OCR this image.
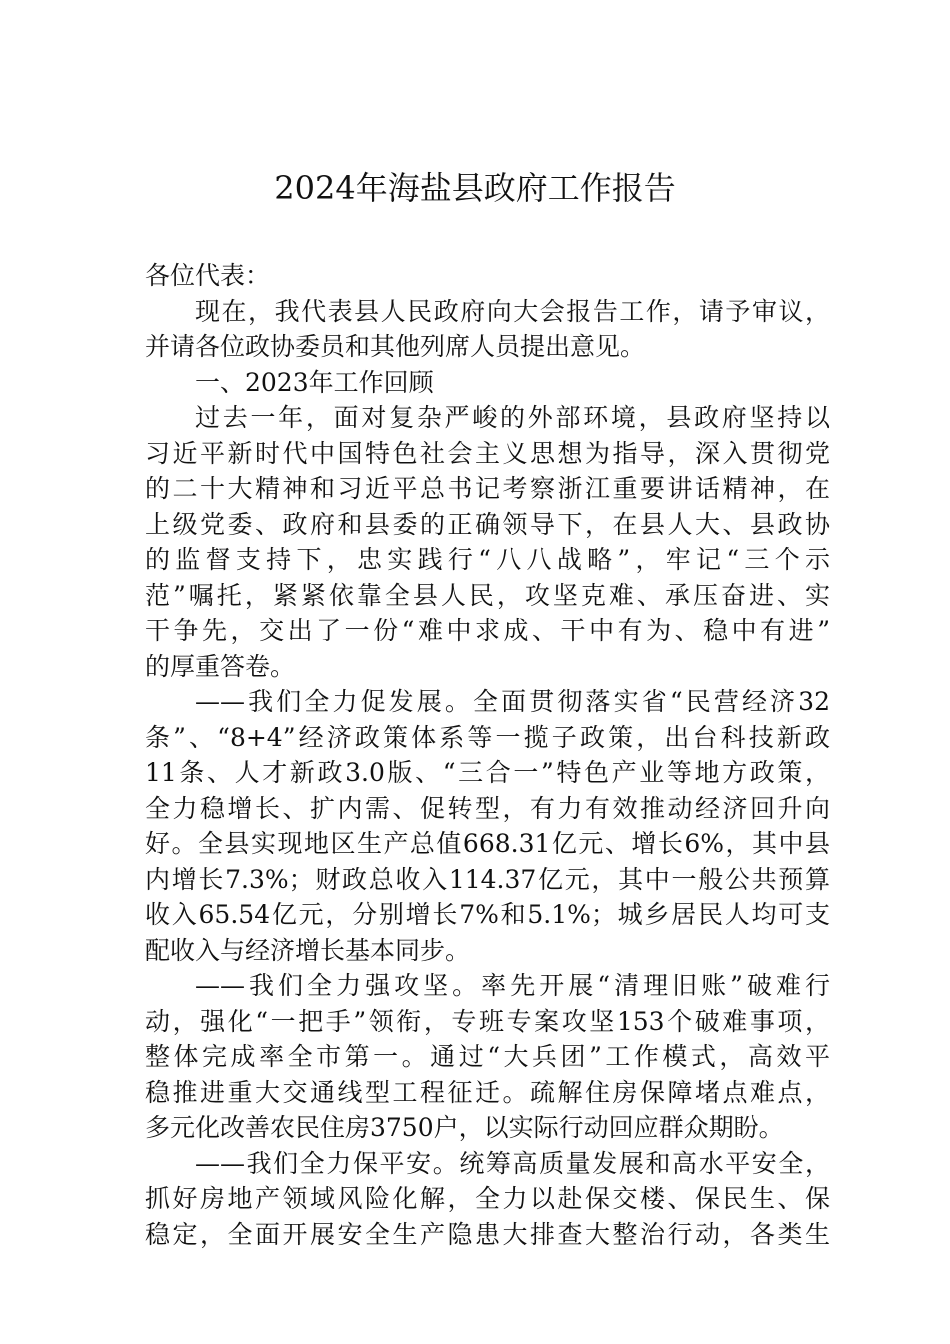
2024年海盐县政府工作报告
各位代表：
现在，我代表县人民政府向大会报告工作，请予审议，
并请各位政协委员和其他列席人员提出意见。
一、2023年工作回顾
过去一年，面对复杂严峻的外部环境，县政府坚持以
习近平新时代中国特色社会主义思想为指导，深入贯彻党
的二十大精神和习近平总书记考察浙江重要讲话精神，在
上级党委、政府和县委的正确领导下，在县人大、县政协
的监督支持下，忠实践行“八八战略”，牢记“三个示
范”嘱托，紧紧依靠全县人民，攻坚克难、承压奋进、实
干争先，交出了一份“难中求成、干中有为、稳中有进”
的厚重答卷。
——我们全力促发展。全面贯彻落实省“民营经济32
条”、“8+4”经济政策体系等一揽子政策，出台科技新政
11条、人才新政3.0版、“三合一”特色产业等地方政策，
全力稳增长、扩内需、促转型，有力有效推动经济回升向
好。全县实现地区生产总值668.31亿元、增长6%，其中县
内增长7.3%；财政总收入114.37亿元，其中一般公共预算
收入65.54亿元，分别增长7%和5.1%；城乡居民人均可支
配收入与经济增长基本同步。
——我们全力强攻坚。率先开展“清理旧账”破难行
动，强化“一把手”领衔，专班专案攻坚153个破难事项，
整体完成率全市第一。通过“大兵团”工作模式，高效平
稳推进重大交通线型工程征迁。疏解住房保障堵点难点，
多元化改善农民住房3750户，以实际行动回应群众期盼。
——我们全力保平安。统筹高质量发展和高水平安全，
抓好房地产领域风险化解，全力以赴保交楼、保民生、保
稳定，全面开展安全生产隐患大排查大整治行动，各类生
